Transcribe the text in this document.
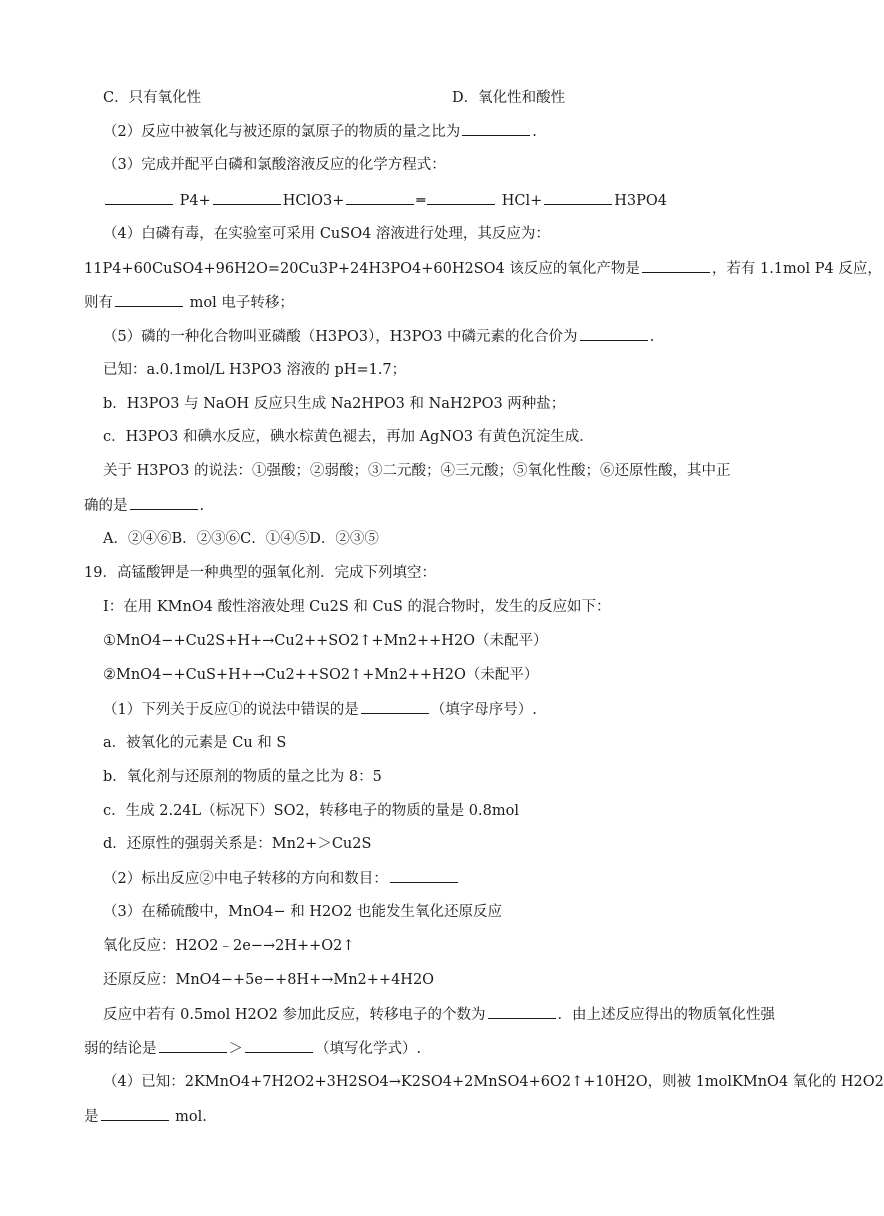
C．只有氧化性	D．氧化性和酸性
（2）反应中被氧化与被还原的氯原子的物质的量之比为	.
（3）完成并配平白磷和氯酸溶液反应的化学方程式：
P4+	HClO3+	═	HCl+	H3PO4
（4）白磷有毒，在实验室可采用 CuSO4 溶液进行处理，其反应为：
11P4+60CuSO4+96H2O=20Cu3P+24H3PO4+60H2SO4 该反应的氧化产物是	，若有 1.1mol P4 反应，
则有	mol 电子转移；
（5）磷的一种化合物叫亚磷酸（H3PO3），H3PO3 中磷元素的化合价为	.
已知：a.0.1mol/L H3PO3 溶液的 pH=1.7；
b．H3PO3 与 NaOH 反应只生成 Na2HPO3 和 NaH2PO3 两种盐；
c．H3PO3 和碘水反应，碘水棕黄色褪去，再加 AgNO3 有黄色沉淀生成．
关于 H3PO3 的说法：①强酸；②弱酸；③二元酸；④三元酸；⑤氧化性酸；⑥还原性酸，其中正
确的是	.
A．②④⑥B．②③⑥C．①④⑤D．②③⑤
19．高锰酸钾是一种典型的强氧化剂．完成下列填空：
I：在用 KMnO4 酸性溶液处理 Cu2S 和 CuS 的混合物时，发生的反应如下：
①MnO4−+Cu2S+H+→Cu2++SO2↑+Mn2++H2O（未配平）
②MnO4−+CuS+H+→Cu2++SO2↑+Mn2++H2O（未配平）
（1）下列关于反应①的说法中错误的是	（填字母序号）.
a．被氧化的元素是 Cu 和 S
b．氧化剂与还原剂的物质的量之比为 8：5
c．生成 2.24L（标况下）SO2，转移电子的物质的量是 0.8mol
d．还原性的强弱关系是：Mn2+＞Cu2S
（2）标出反应②中电子转移的方向和数目：
（3）在稀硫酸中，MnO4− 和 H2O2 也能发生氧化还原反应
氧化反应：H2O2﹣2e−→2H++O2↑
还原反应：MnO4−+5e−+8H+→Mn2++4H2O
反应中若有 0.5mol H2O2 参加此反应，转移电子的个数为	．由上述反应得出的物质氧化性强
弱的结论是	＞	（填写化学式）.
（4）已知：2KMnO4+7H2O2+3H2SO4→K2SO4+2MnSO4+6O2↑+10H2O，则被 1molKMnO4 氧化的 H2O2
是	mol.
